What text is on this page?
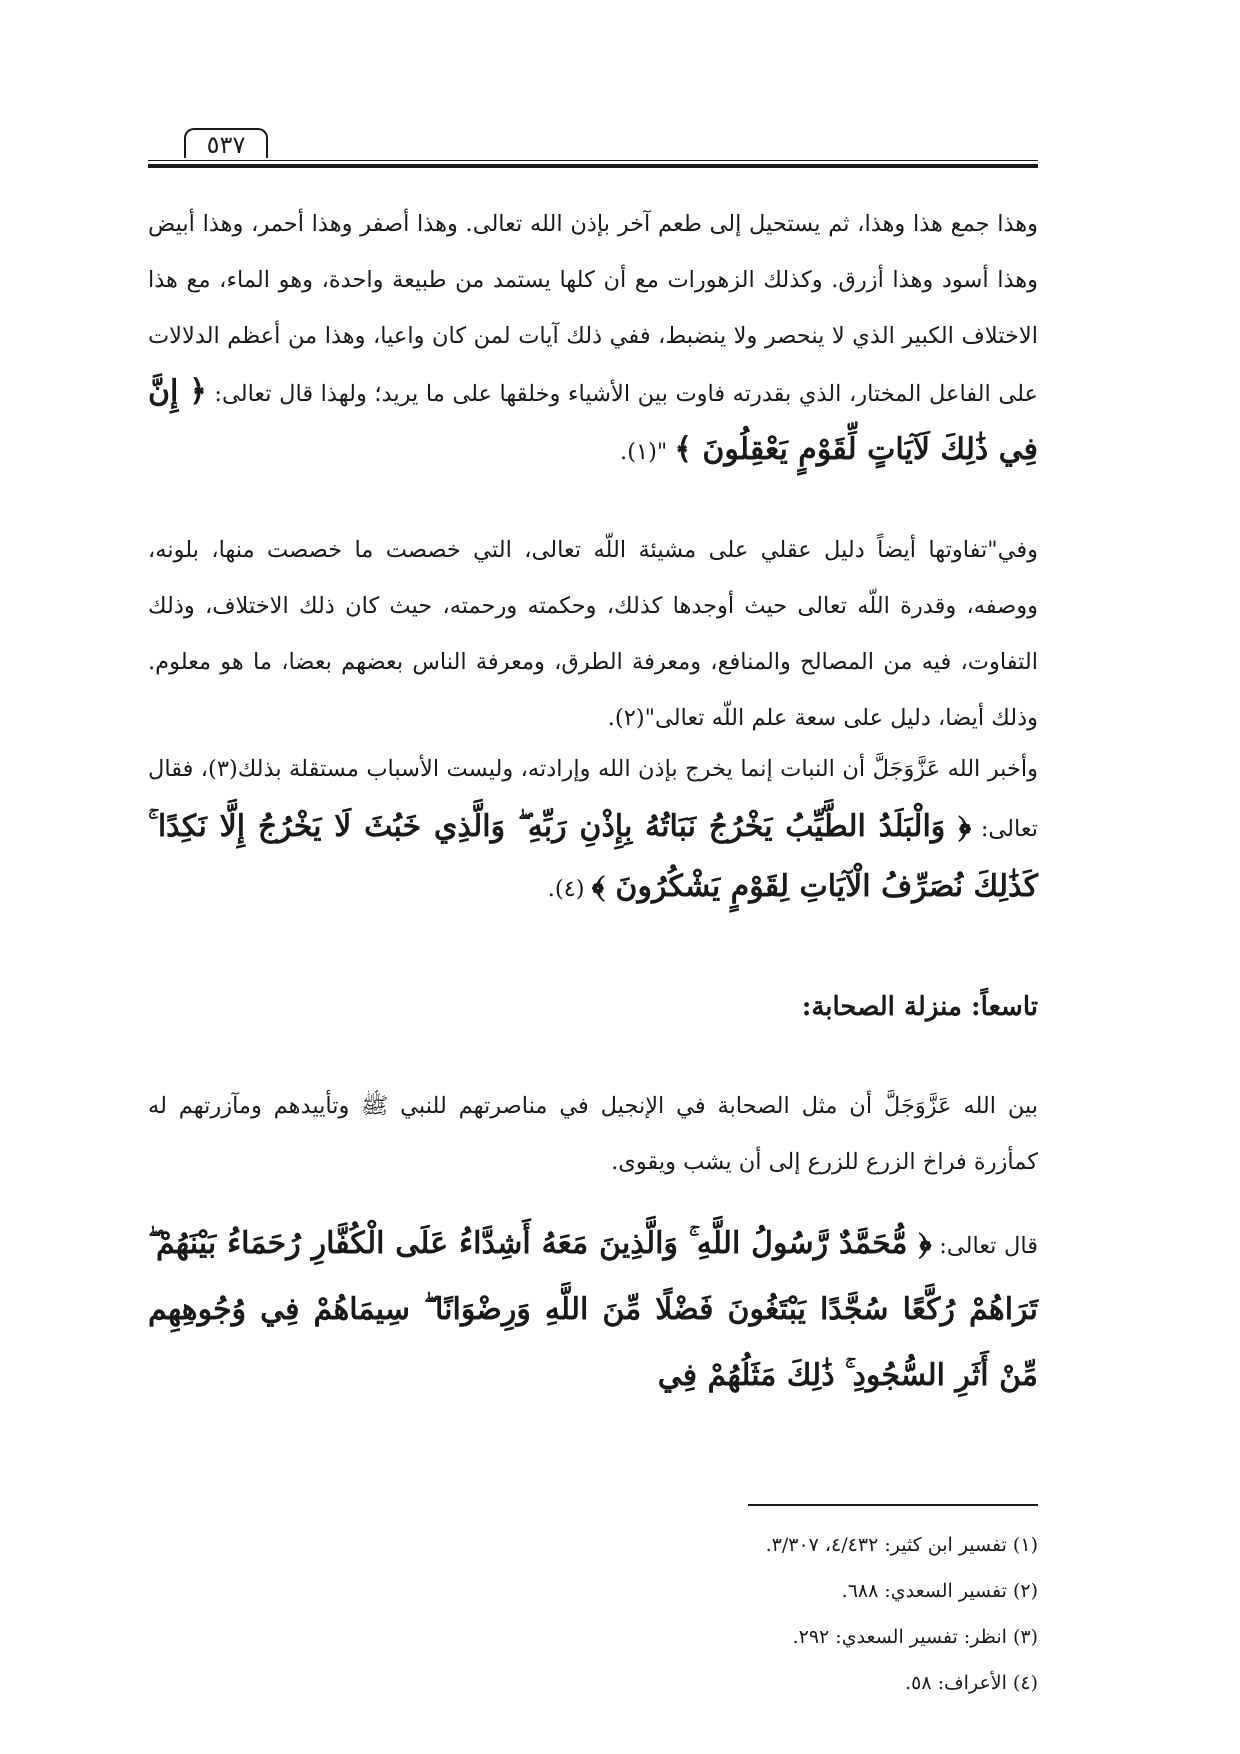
٥٣٧

وهذا جمع هذا وهذا، ثم يستحيل إلى طعم آخر بإذن الله تعالى. وهذا أصفر وهذا أحمر، وهذا أبيض وهذا أسود وهذا أزرق. وكذلك الزهورات مع أن كلها يستمد من طبيعة واحدة، وهو الماء، مع هذا الاختلاف الكبير الذي لا ينحصر ولا ينضبط، ففي ذلك آيات لمن كان واعيا، وهذا من أعظم الدلالات على الفاعل المختار، الذي بقدرته فاوت بين الأشياء وخلقها على ما يريد؛ ولهذا قال تعالى: ﴿ إِنَّ فِي ذَٰلِكَ لَآيَاتٍ لِّقَوْمٍ يَعْقِلُونَ ﴾ "(١).

وفي"تفاوتها أيضاً دليل عقلي على مشيئة اللّه تعالى، التي خصصت ما خصصت منها، بلونه، ووصفه، وقدرة اللّه تعالى حيث أوجدها كذلك، وحكمته ورحمته، حيث كان ذلك الاختلاف، وذلك التفاوت، فيه من المصالح والمنافع، ومعرفة الطرق، ومعرفة الناس بعضهم بعضا، ما هو معلوم. وذلك أيضا، دليل على سعة علم اللّه تعالى"(٢).

وأخبر الله عَزَّوَجَلَّ أن النبات إنما يخرج بإذن الله وإرادته، وليست الأسباب مستقلة بذلك(٣)، فقال تعالى: ﴿ وَالْبَلَدُ الطَّيِّبُ يَخْرُجُ نَبَاتُهُ بِإِذْنِ رَبِّهِ ۖ وَالَّذِي خَبُثَ لَا يَخْرُجُ إِلَّا نَكِدًا ۚ كَذَٰلِكَ نُصَرِّفُ الْآيَاتِ لِقَوْمٍ يَشْكُرُونَ ﴾ (٤).

تاسعاً: منزلة الصحابة:

بين الله عَزَّوَجَلَّ أن مثل الصحابة في الإنجيل في مناصرتهم للنبي ﷺ وتأييدهم ومآزرتهم له كمأزرة فراخ الزرع للزرع إلى أن يشب ويقوى.

قال تعالى: ﴿ مُّحَمَّدٌ رَّسُولُ اللَّهِ ۚ وَالَّذِينَ مَعَهُ أَشِدَّاءُ عَلَى الْكُفَّارِ رُحَمَاءُ بَيْنَهُمْ ۖ تَرَاهُمْ رُكَّعًا سُجَّدًا يَبْتَغُونَ فَضْلًا مِّنَ اللَّهِ وَرِضْوَانًا ۖ سِيمَاهُمْ فِي وُجُوهِهِم مِّنْ أَثَرِ السُّجُودِ ۚ ذَٰلِكَ مَثَلُهُمْ فِي

(١) تفسير ابن كثير: ٤/٤٣٢، ٣/٣٠٧.

(٢) تفسير السعدي: ٦٨٨.

(٣) انظر: تفسير السعدي: ٢٩٢.

(٤) الأعراف: ٥٨.
